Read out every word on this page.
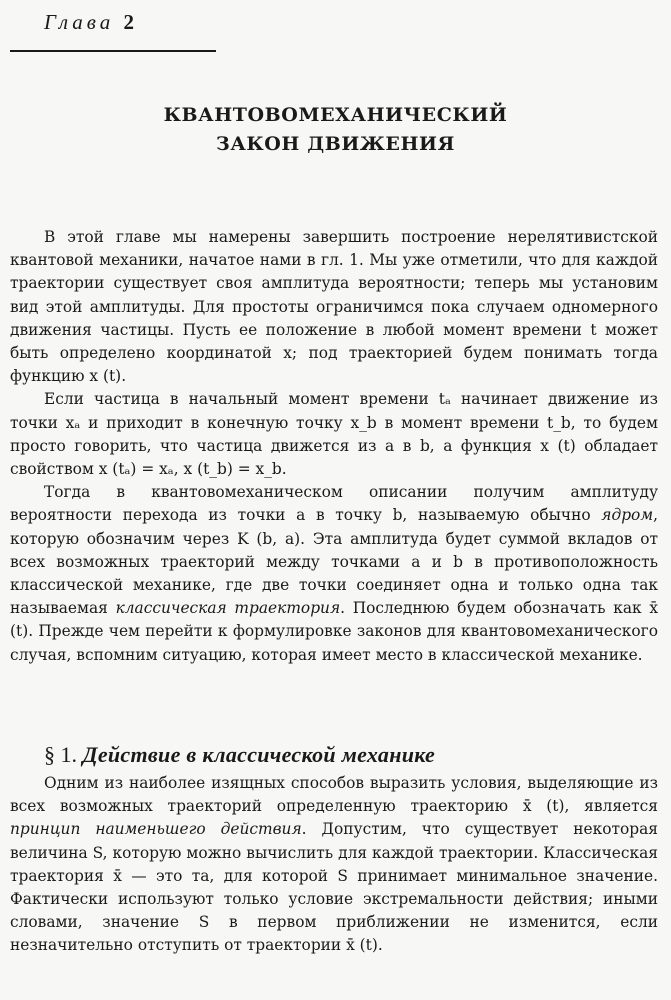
Глава 2
КВАНТОВОМЕХАНИЧЕСКИЙ
ЗАКОН ДВИЖЕНИЯ

В этой главе мы намерены завершить построение нерелятивистской квантовой механики, начатое нами в гл. 1. Мы уже отметили, что для каждой траектории существует своя амплитуда вероятности; теперь мы установим вид этой амплитуды. Для простоты ограничимся пока случаем одномерного движения частицы. Пусть ее положение в любой момент времени t может быть определено координатой x; под траекторией будем понимать тогда функцию x (t).

Если частица в начальный момент времени tₐ начинает движение из точки xₐ и приходит в конечную точку x_b в момент времени t_b, то будем просто говорить, что частица движется из a в b, а функция x (t) обладает свойством x (tₐ) = xₐ, x (t_b) = x_b.

Тогда в квантовомеханическом описании получим амплитуду вероятности перехода из точки a в точку b, называемую обычно ядром, которую обозначим через K (b, a). Эта амплитуда будет суммой вкладов от всех возможных траекторий между точками a и b в противоположность классической механике, где две точки соединяет одна и только одна так называемая классическая траектория. Последнюю будем обозначать как x̄ (t). Прежде чем перейти к формулировке законов для квантовомеханического случая, вспомним ситуацию, которая имеет место в классической механике.

§ 1. Действие в классической механике

Одним из наиболее изящных способов выразить условия, выделяющие из всех возможных траекторий определенную траекторию x̄ (t), является принцип наименьшего действия. Допустим, что существует некоторая величина S, которую можно вычислить для каждой траектории. Классическая траектория x̄ — это та, для которой S принимает минимальное значение. Фактически используют только условие экстремальности действия; иными словами, значение S в первом приближении не изменится, если незначительно отступить от траектории x̄ (t).
